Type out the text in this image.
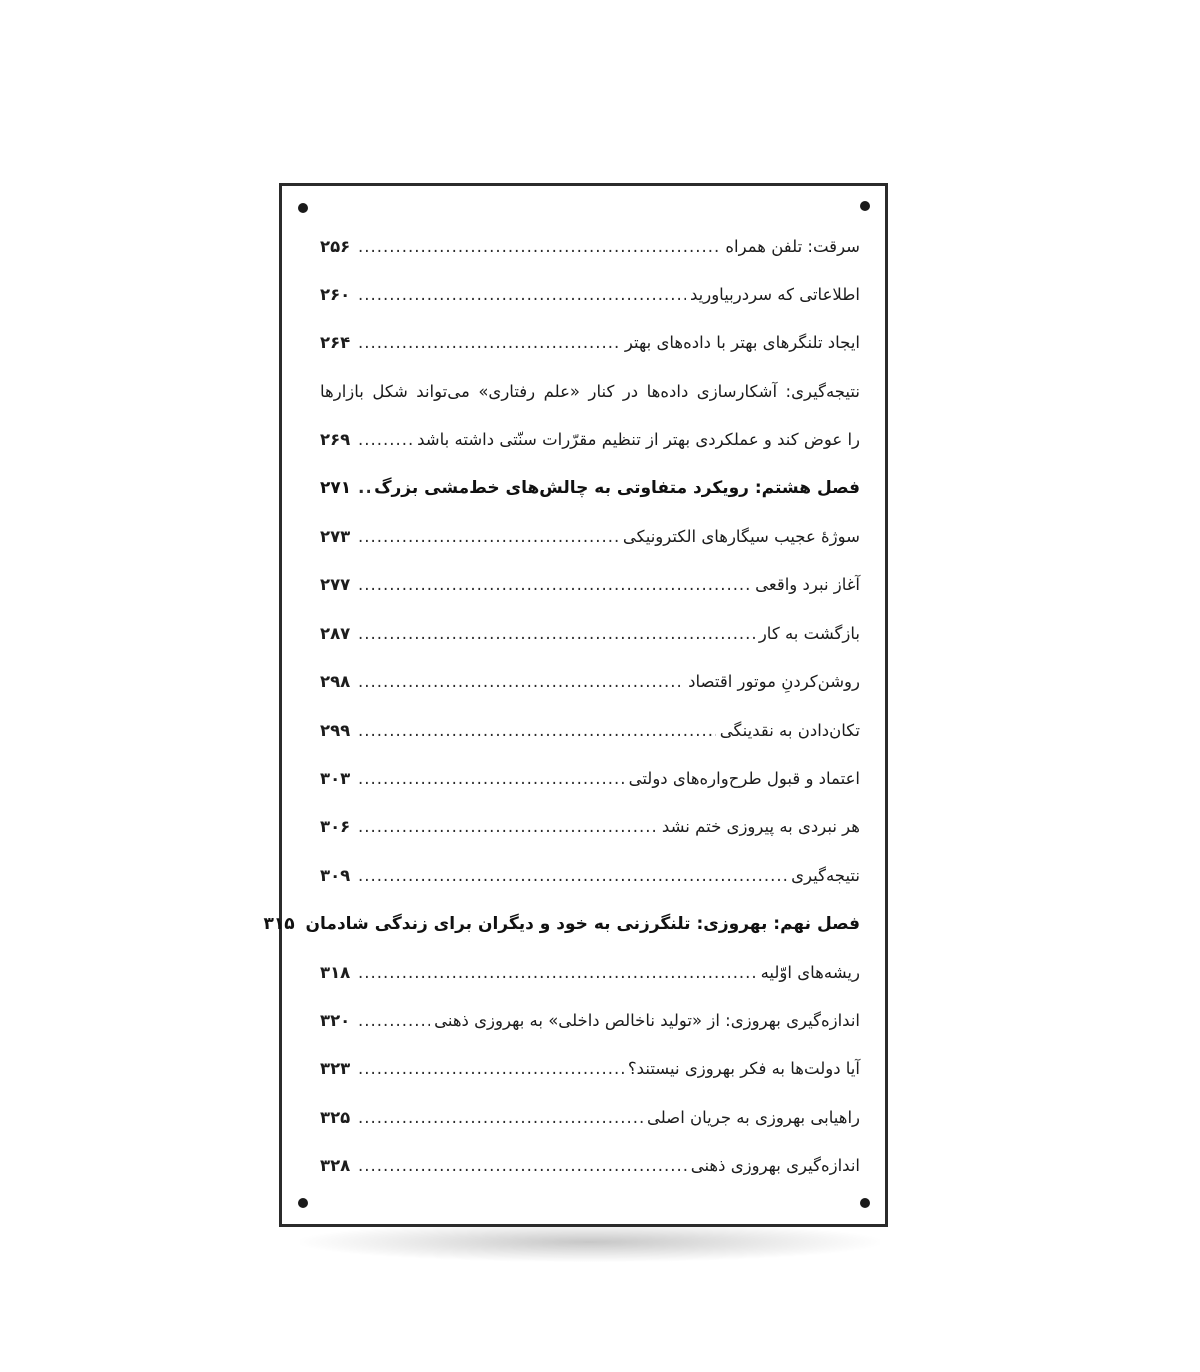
سرقت: تلفن همراه
.....
۲۵۶
اطلاعاتی که سردربیاورید
.....
۲۶۰
ایجاد تلنگرهای بهتر با داده‌های بهتر
.....
۲۶۴
نتیجه‌گیری: آشکارسازی داده‌ها در کنار «علم رفتاری» می‌تواند شکل بازارها
را عوض کند و عملکردی بهتر از تنظیم مقرّرات سنّتی داشته باشد
.....
۲۶۹
فصل هشتم: رویکرد متفاوتی به چالش‌های خط‌مشی بزرگ
.....
۲۷۱
سوژۀ عجیب سیگارهای الکترونیکی
.....
۲۷۳
آغاز نبرد واقعی
.....
۲۷۷
بازگشت به کار
.....
۲۸۷
روشن‌کردنِ موتور اقتصاد
.....
۲۹۸
تکان‌دادن به نقدینگی
.....
۲۹۹
اعتماد و قبول طرح‌واره‌های دولتی
.....
۳۰۳
هر نبردی به پیروزی ختم نشد
.....
۳۰۶
نتیجه‌گیری
.....
۳۰۹
فصل نهم: بهروزی: تلنگرزنی به خود و دیگران برای زندگی شادمان
۳۱۵
ریشه‌های اوّلیه
.....
۳۱۸
اندازه‌گیری بهروزی: از «تولید ناخالص داخلی» به بهروزی ذهنی
.....
۳۲۰
آیا دولت‌ها به فکر بهروزی نیستند؟
.....
۳۲۳
راهیابی بهروزی به جریان اصلی
.....
۳۲۵
اندازه‌گیری بهروزی ذهنی
.....
۳۲۸
